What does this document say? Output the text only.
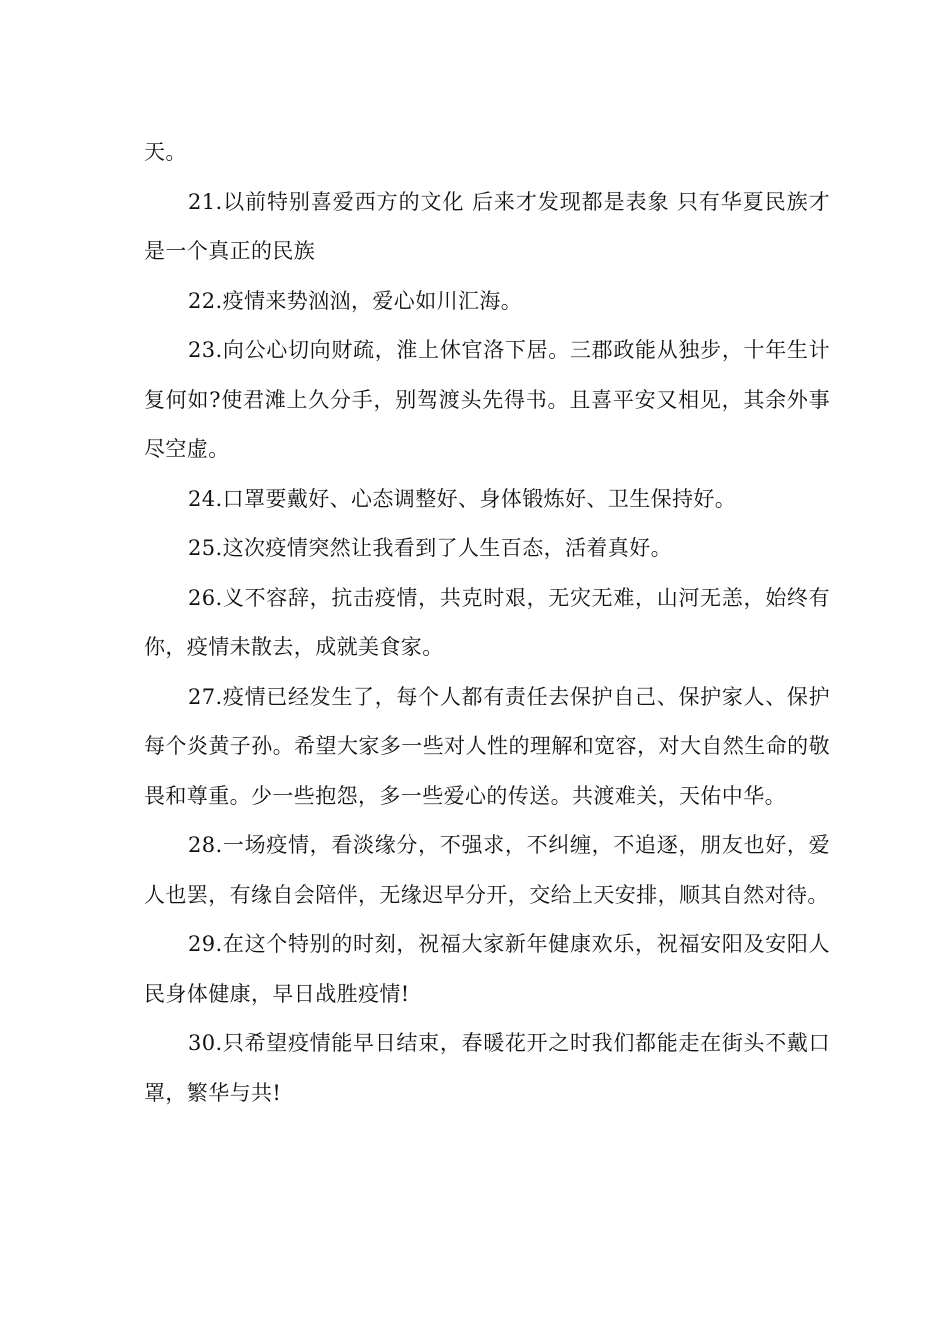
天。

21.以前特别喜爱西方的文化 后来才发现都是表象 只有华夏民族才是一个真正的民族

22.疫情来势汹汹，爱心如川汇海。

23.向公心切向财疏，淮上休官洛下居。三郡政能从独步，十年生计复何如?使君滩上久分手，别驾渡头先得书。且喜平安又相见，其余外事尽空虚。

24.口罩要戴好、心态调整好、身体锻炼好、卫生保持好。

25.这次疫情突然让我看到了人生百态，活着真好。

26.义不容辞，抗击疫情，共克时艰，无灾无难，山河无恙，始终有你，疫情未散去，成就美食家。

27.疫情已经发生了，每个人都有责任去保护自己、保护家人、保护每个炎黄子孙。希望大家多一些对人性的理解和宽容，对大自然生命的敬畏和尊重。少一些抱怨，多一些爱心的传送。共渡难关，天佑中华。

28.一场疫情，看淡缘分，不强求，不纠缠，不追逐，朋友也好，爱人也罢，有缘自会陪伴，无缘迟早分开，交给上天安排，顺其自然对待。

29.在这个特别的时刻，祝福大家新年健康欢乐，祝福安阳及安阳人民身体健康，早日战胜疫情!

30.只希望疫情能早日结束，春暖花开之时我们都能走在街头不戴口罩，繁华与共!
